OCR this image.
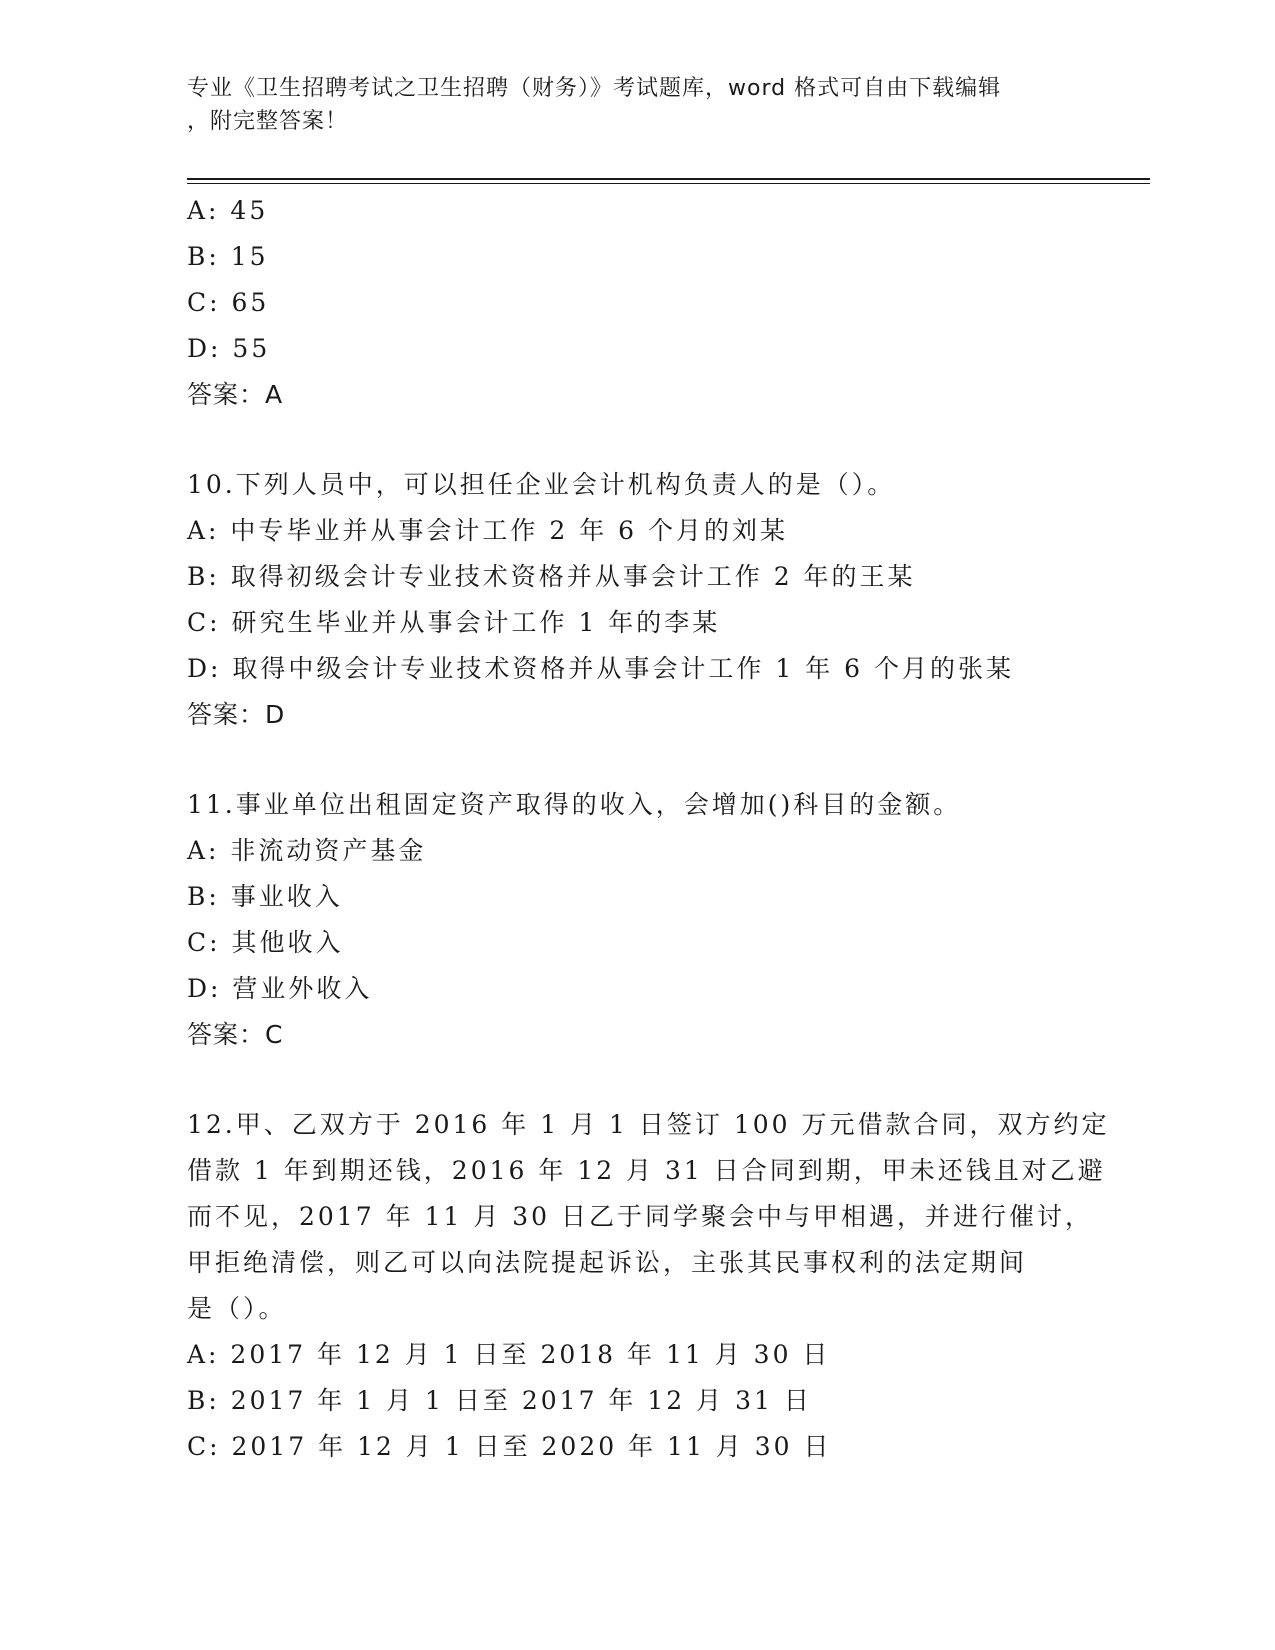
专业《卫生招聘考试之卫生招聘（财务）》考试题库，word 格式可自由下载编辑
，附完整答案！
A: 45
B: 15
C: 65
D: 55
答案：A
10.下列人员中，可以担任企业会计机构负责人的是（）。
A: 中专毕业并从事会计工作 2 年 6 个月的刘某
B: 取得初级会计专业技术资格并从事会计工作 2 年的王某
C: 研究生毕业并从事会计工作 1 年的李某
D: 取得中级会计专业技术资格并从事会计工作 1 年 6 个月的张某
答案：D
11.事业单位出租固定资产取得的收入，会增加()科目的金额。
A: 非流动资产基金
B: 事业收入
C: 其他收入
D: 营业外收入
答案：C
12.甲、乙双方于 2016 年 1 月 1 日签订 100 万元借款合同，双方约定
借款 1 年到期还钱，2016 年 12 月 31 日合同到期，甲未还钱且对乙避
而不见，2017 年 11 月 30 日乙于同学聚会中与甲相遇，并进行催讨，
甲拒绝清偿，则乙可以向法院提起诉讼，主张其民事权利的法定期间
是（）。
A: 2017 年 12 月 1 日至 2018 年 11 月 30 日
B: 2017 年 1 月 1 日至 2017 年 12 月 31 日
C: 2017 年 12 月 1 日至 2020 年 11 月 30 日
